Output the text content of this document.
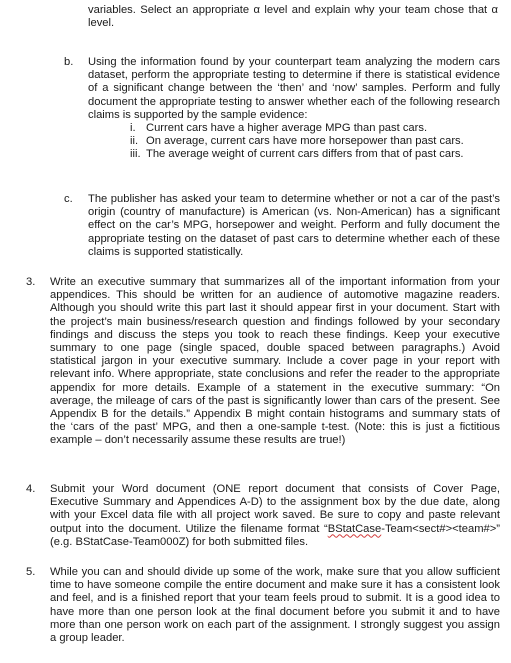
variables. Select an appropriate α level and explain why your team chose that α level.

b.	Using the information found by your counterpart team analyzing the modern cars dataset, perform the appropriate testing to determine if there is statistical evidence of a significant change between the ‘then’ and ‘now’ samples. Perform and fully document the appropriate testing to answer whether each of the following research claims is supported by the sample evidence:

i. Current cars have a higher average MPG than past cars.
ii. On average, current cars have more horsepower than past cars.
iii. The average weight of current cars differs from that of past cars.
c.	The publisher has asked your team to determine whether or not a car of the past’s origin (country of manufacture) is American (vs. Non-American) has a significant effect on the car’s MPG, horsepower and weight. Perform and fully document the appropriate testing on the dataset of past cars to determine whether each of these claims is supported statistically.

3.	Write an executive summary that summarizes all of the important information from your appendices. This should be written for an audience of automotive magazine readers. Although you should write this part last it should appear first in your document. Start with the project’s main business/research question and findings followed by your secondary findings and discuss the steps you took to reach these findings. Keep your executive summary to one page (single spaced, double spaced between paragraphs.) Avoid statistical jargon in your executive summary. Include a cover page in your report with relevant info. Where appropriate, state conclusions and refer the reader to the appropriate appendix for more details. Example of a statement in the executive summary: “On average, the mileage of cars of the past is significantly lower than cars of the present. See Appendix B for the details.” Appendix B might contain histograms and summary stats of the ‘cars of the past’ MPG, and then a one-sample t-test. (Note: this is just a fictitious example – don’t necessarily assume these results are true!)

4.	Submit your Word document (ONE report document that consists of Cover Page, Executive Summary and Appendices A-D) to the assignment box by the due date, along with your Excel data file with all project work saved. Be sure to copy and paste relevant output into the document. Utilize the filename format “BStatCase-Team<sect#><team#>” (e.g. BStatCase-Team000Z) for both submitted files.

5.	While you can and should divide up some of the work, make sure that you allow sufficient time to have someone compile the entire document and make sure it has a consistent look and feel, and is a finished report that your team feels proud to submit. It is a good idea to have more than one person look at the final document before you submit it and to have more than one person work on each part of the assignment. I strongly suggest you assign a group leader.
